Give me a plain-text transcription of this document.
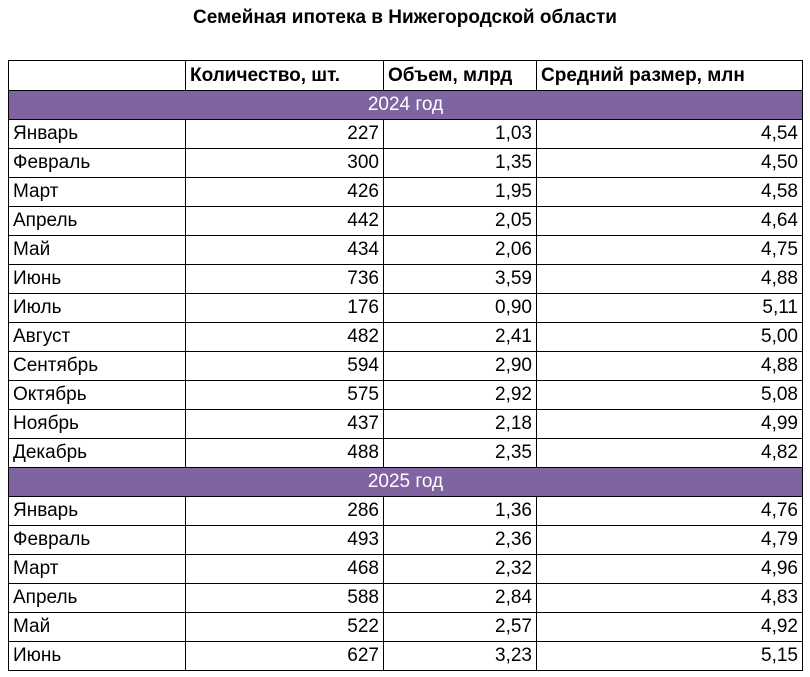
Семейная ипотека в Нижегородской области
	Количество, шт.	Объем, млрд	Средний размер, млн
2024 год			
Январь	227	1,03	4,54
Февраль	300	1,35	4,50
Март	426	1,95	4,58
Апрель	442	2,05	4,64
Май	434	2,06	4,75
Июнь	736	3,59	4,88
Июль	176	0,90	5,11
Август	482	2,41	5,00
Сентябрь	594	2,90	4,88
Октябрь	575	2,92	5,08
Ноябрь	437	2,18	4,99
Декабрь	488	2,35	4,82
2025 год			
Январь	286	1,36	4,76
Февраль	493	2,36	4,79
Март	468	2,32	4,96
Апрель	588	2,84	4,83
Май	522	2,57	4,92
Июнь	627	3,23	5,15
